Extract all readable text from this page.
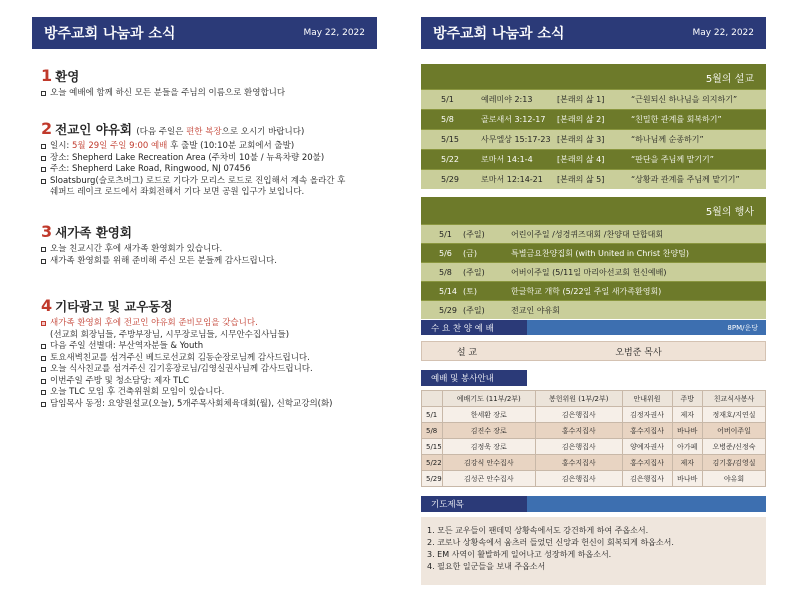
방주교회 나눔과 소식	May 22, 2022
1 환영
오늘 예배에 함께 하신 모든 분들을 주님의 이름으로 환영합니다
2 전교인 야유회 (다음 주일은 편한 복장으로 오시기 바랍니다)
일시: 5월 29일 주일 9:00 예배 후 출발 (10:10분 교회에서 출발)
장소: Shepherd Lake Recreation Area (주차비 10불 / 뉴욕차량 20불)
주소: Shepherd Lake Road, Ringwood, NJ 07456
Sloatsburg(슬로츠버그) 로드로 기다가 모리스 로드로 진입해서 계속 올라간 후
쉐퍼드 레이크 로드에서 좌회전해서 기다 보면 공원 입구가 보입니다.
3 새가족 환영회
오늘 친교시간 후에 새가족 환영회가 있습니다.
새가족 환영회를 위해 준비해 주신 모든 분들께 감사드립니다.
4 기타광고 및 교우동정
새가족 환영회 후에 전교인 야유회 준비모임을 갖습니다.
(선교회 회장님들, 주방부장님, 시무장로님들, 시무안수집사님들)
다음 주일 선별대: 부산역자분들 & Youth
토요새벽친교를 섬겨주신 베드로선교회 김동순장로님께 감사드립니다.
오늘 식사친교를 섬겨주신 김기홍장로님/김영실권사님께 감사드립니다.
이번주일 주방 및 청소담당: 제자 TLC
오늘 TLC 모임 후 건축위원회 모임이 있습니다.
담임목사 동정: 요양원설교(오늘), 5개주목사회체육대회(월), 신학교강의(화)
방주교회 나눔과 소식	May 22, 2022
5월의 설교
5/1	예레미야 2:13	[본래의 삶 1]	“근원되신 하나님을 의지하기”
5/8	골로새서 3:12-17	[본래의 삶 2]	“친밀한 관계를 회복하기”
5/15	사무엘상 15:17-23 [본래의 삶 3]	“하나님께 순종하기”
5/22	로마서 14:1-4	[본래의 삶 4]	“판단을 주님께 맡기기”
5/29	로마서 12:14-21	[본래의 삶 5]	“상황과 관계를 주님께 맡기기”
5월의 행사
5/1	(주일)	어린이주일 /성경퀴즈대회 /찬양대 단합대회
5/6	(금)	특별금요찬양집회 (with United in Christ 찬양팀)
5/8	(주일)	어버이주일 (5/11일 마리아선교회 헌신예배)
5/14 (토)	한글학교 개학 (5/22일 주일 새가족환영회)
5/29 (주일)	전교인 야유회
수 요 찬 양 예 배	8PM/운당
설 교	오범준 목사
예배 및 봉사안내
	예배기도 (11부/2부)	봉헌위원 (1부/2부)	안내위원	주방	친교식사봉사
5/1	한세환 장로	김은행집사	김정자권사	제자	정재호/지연실
5/8	김진수 장로	홍수지집사	홍수지집사	바나바	어버이주일
5/15	김정욱 장로	김은행집사	양예자권사	아가페	오병준/신정숙
5/22	김강식 안수집사	홍수지집사	홍수지집사	제자	김기홍/김영실
5/29	김성곤 안수집사	김은행집사	김은행집사	바나바	야유회
기도제목
1. 모든 교우들이 팬데믹 상황속에서도 강건하게 하여 주옵소서.
2. 코로나 상황속에서 움츠러 들었던 신앙과 헌신이 회복되게 하옵소서.
3. EM 사역이 활발하게 일어나고 성장하게 하옵소서.
4. 필요한 일군들을 보내 주옵소서
